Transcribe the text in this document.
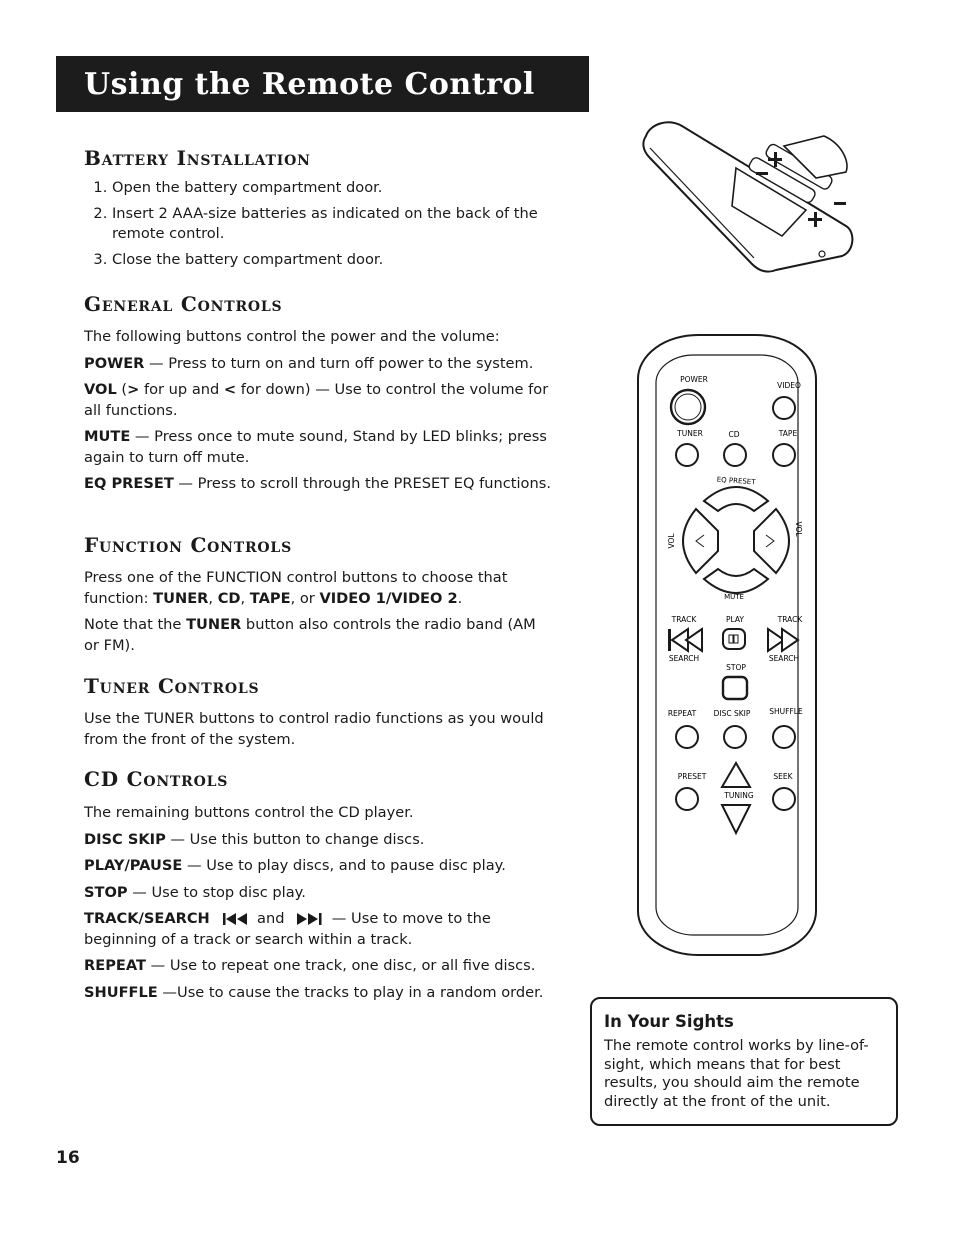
Using the Remote Control
Battery Installation
1. Open the battery compartment door.
2. Insert 2 AAA-size batteries as indicated on the back of the remote control.
3. Close the battery compartment door.
General Controls

The following buttons control the power and the volume:

POWER — Press to turn on and turn off power to the system.

VOL (> for up and < for down) — Use to control the volume for all functions.

MUTE — Press once to mute sound, Stand by LED blinks; press again to turn off mute.

EQ PRESET — Press to scroll through the PRESET EQ functions.

Function Controls

Press one of the FUNCTION control buttons to choose that function: TUNER, CD, TAPE, or VIDEO 1/VIDEO 2.

Note that the TUNER button also controls the radio band (AM or FM).

Tuner Controls

Use the TUNER buttons to control radio functions as you would from the front of the system.

CD Controls

The remaining buttons control the CD player.

DISC SKIP — Use this button to change discs.

PLAY/PAUSE — Use to play discs, and to pause disc play.

STOP — Use to stop disc play.

TRACK/SEARCH	and	— Use to move to the beginning of a track or search within a track.

REPEAT — Use to repeat one track, one disc, or all five discs.

SHUFFLE —Use to cause the tracks to play in a random order.

POWER
VIDEO
TUNER	CD	TAPE
EQ PRESET
VOL
VOL
MUTE
TRACK	PLAY	TRACK
SEARCH	SEARCH
STOP
REPEAT DISC SKIP	SHUFFLE
PRESET	SEEK
TUNING
In Your Sights
The remote control works by line-of-sight, which means that for best results, you should aim the remote directly at the front of the unit.
16
